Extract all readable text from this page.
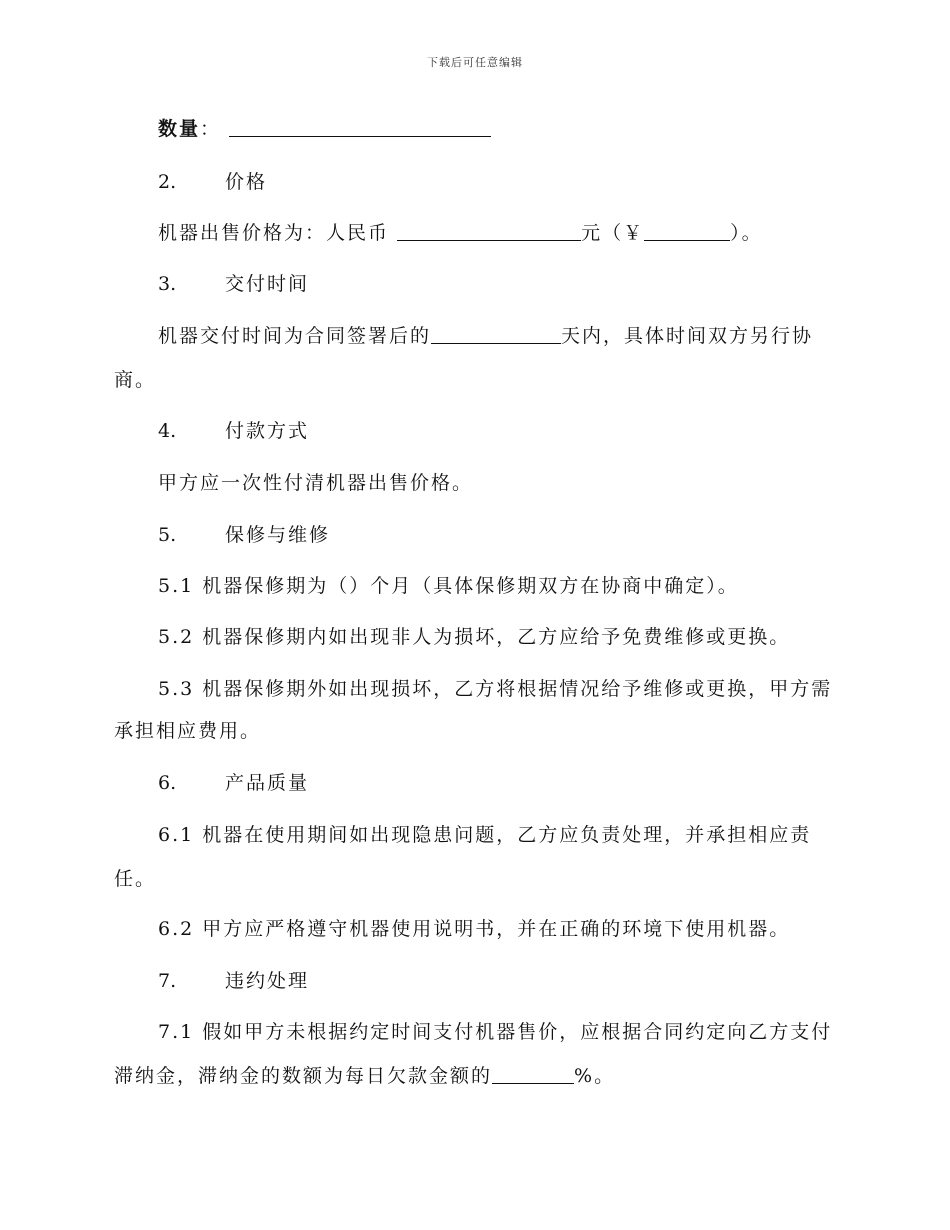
下载后可任意编辑
数量：
2.	价格
机器出售价格为：人民币	元（￥	）。
3.	交付时间
机器交付时间为合同签署后的	天内，具体时间双方另行协
商。
4.	付款方式
甲方应一次性付清机器出售价格。
5.	保修与维修
5.1 机器保修期为（）个月（具体保修期双方在协商中确定）。
5.2 机器保修期内如出现非人为损坏，乙方应给予免费维修或更换。
5.3 机器保修期外如出现损坏，乙方将根据情况给予维修或更换，甲方需
承担相应费用。
6.	产品质量
6.1 机器在使用期间如出现隐患问题，乙方应负责处理，并承担相应责
任。
6.2 甲方应严格遵守机器使用说明书，并在正确的环境下使用机器。
7.	违约处理
7.1 假如甲方未根据约定时间支付机器售价，应根据合同约定向乙方支付
滞纳金，滞纳金的数额为每日欠款金额的	%。
